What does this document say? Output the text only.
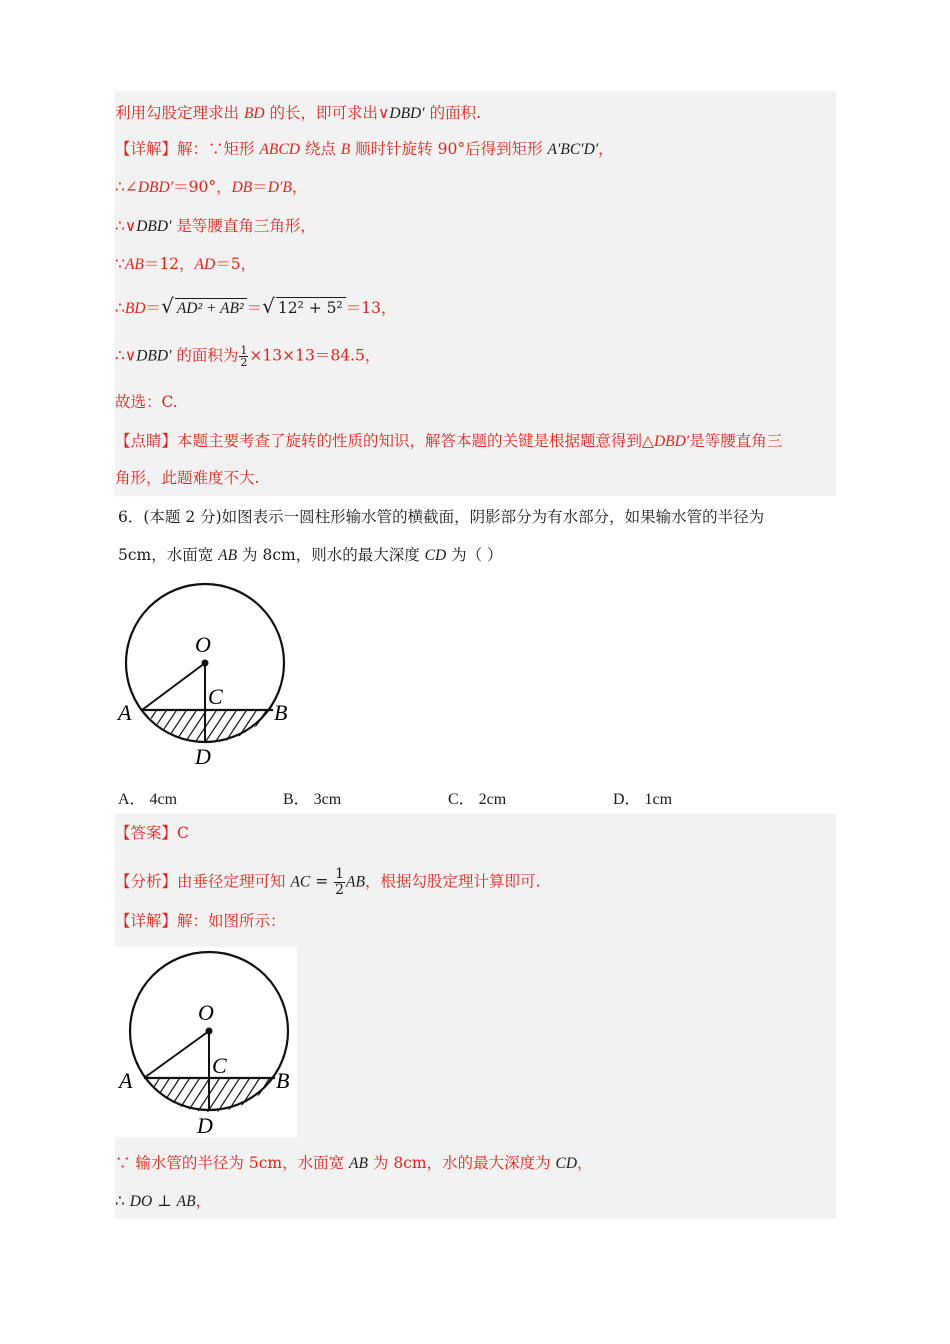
利用勾股定理求出 BD 的长，即可求出∨DBD′ 的面积.
【详解】解：∵矩形 ABCD 绕点 B 顺时针旋转 90°后得到矩形 A′BC′D′，
∴∠DBD′＝90°，DB＝D′B，
∴∨DBD′ 是等腰直角三角形，
∵AB＝12，AD＝5，
∴BD＝√ AD² + AB² ＝√ 12² + 5² ＝13，
∴∨DBD′ 的面积为 $\frac{1}{2} \times 13\times 13=84.5$，
故选：C.
【点睛】本题主要考查了旋转的性质的知识，解答本题的关键是根据题意得到△DBD′是等腰直角三
角形，此题难度不大.
6．(本题 2 分)如图表示一圆柱形输水管的横截面，阴影部分为有水部分，如果输水管的半径为
5cm，水面宽 AB 为 8cm，则水的最大深度 CD 为（ ）
O
C
A	B
D
A． 4cm	B． 3cm	C． 2cm	D． 1cm
【答案】C
【分析】由垂径定理可知 AC = $\frac{1}{2}$ AB，根据勾股定理计算即可.
【详解】解：如图所示：
O
C
A	B
D
∵ 输水管的半径为 5cm，水面宽 AB 为 8cm，水的最大深度为 CD，
∴ DO ⊥ AB，
